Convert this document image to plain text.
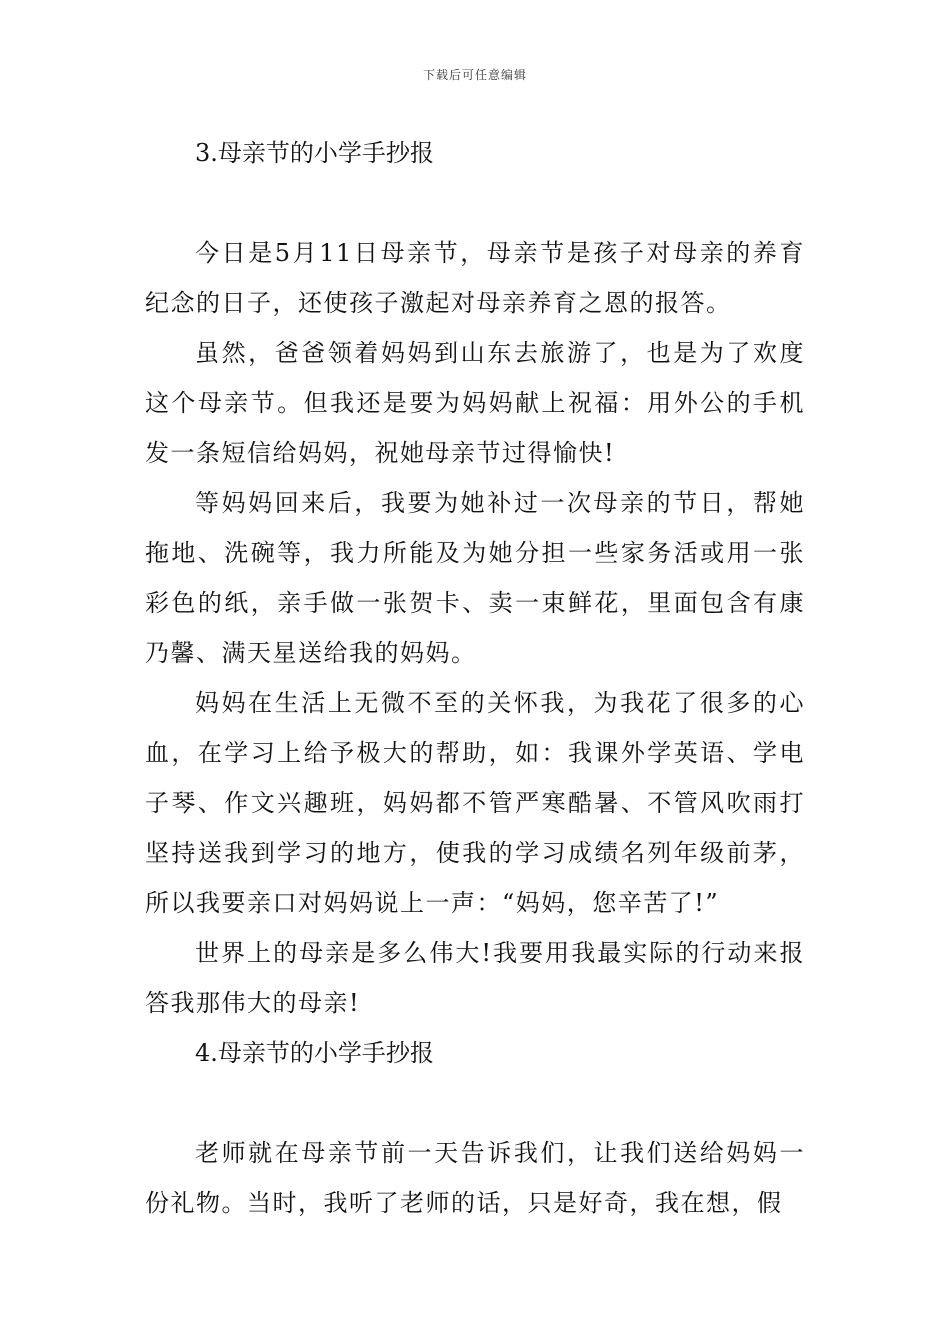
下载后可任意编辑
3.母亲节的小学手抄报

今日是5月11日母亲节，母亲节是孩子对母亲的养育纪念的日子，还使孩子激起对母亲养育之恩的报答。

虽然，爸爸领着妈妈到山东去旅游了，也是为了欢度这个母亲节。但我还是要为妈妈献上祝福：用外公的手机发一条短信给妈妈，祝她母亲节过得愉快!

等妈妈回来后，我要为她补过一次母亲的节日，帮她拖地、洗碗等，我力所能及为她分担一些家务活或用一张彩色的纸，亲手做一张贺卡、卖一束鲜花，里面包含有康乃馨、满天星送给我的妈妈。

妈妈在生活上无微不至的关怀我，为我花了很多的心血，在学习上给予极大的帮助，如：我课外学英语、学电子琴、作文兴趣班，妈妈都不管严寒酷暑、不管风吹雨打坚持送我到学习的地方，使我的学习成绩名列年级前茅，所以我要亲口对妈妈说上一声：“妈妈，您辛苦了!”

世界上的母亲是多么伟大!我要用我最实际的行动来报答我那伟大的母亲!

4.母亲节的小学手抄报

老师就在母亲节前一天告诉我们，让我们送给妈妈一份礼物。当时，我听了老师的话，只是好奇，我在想，假
